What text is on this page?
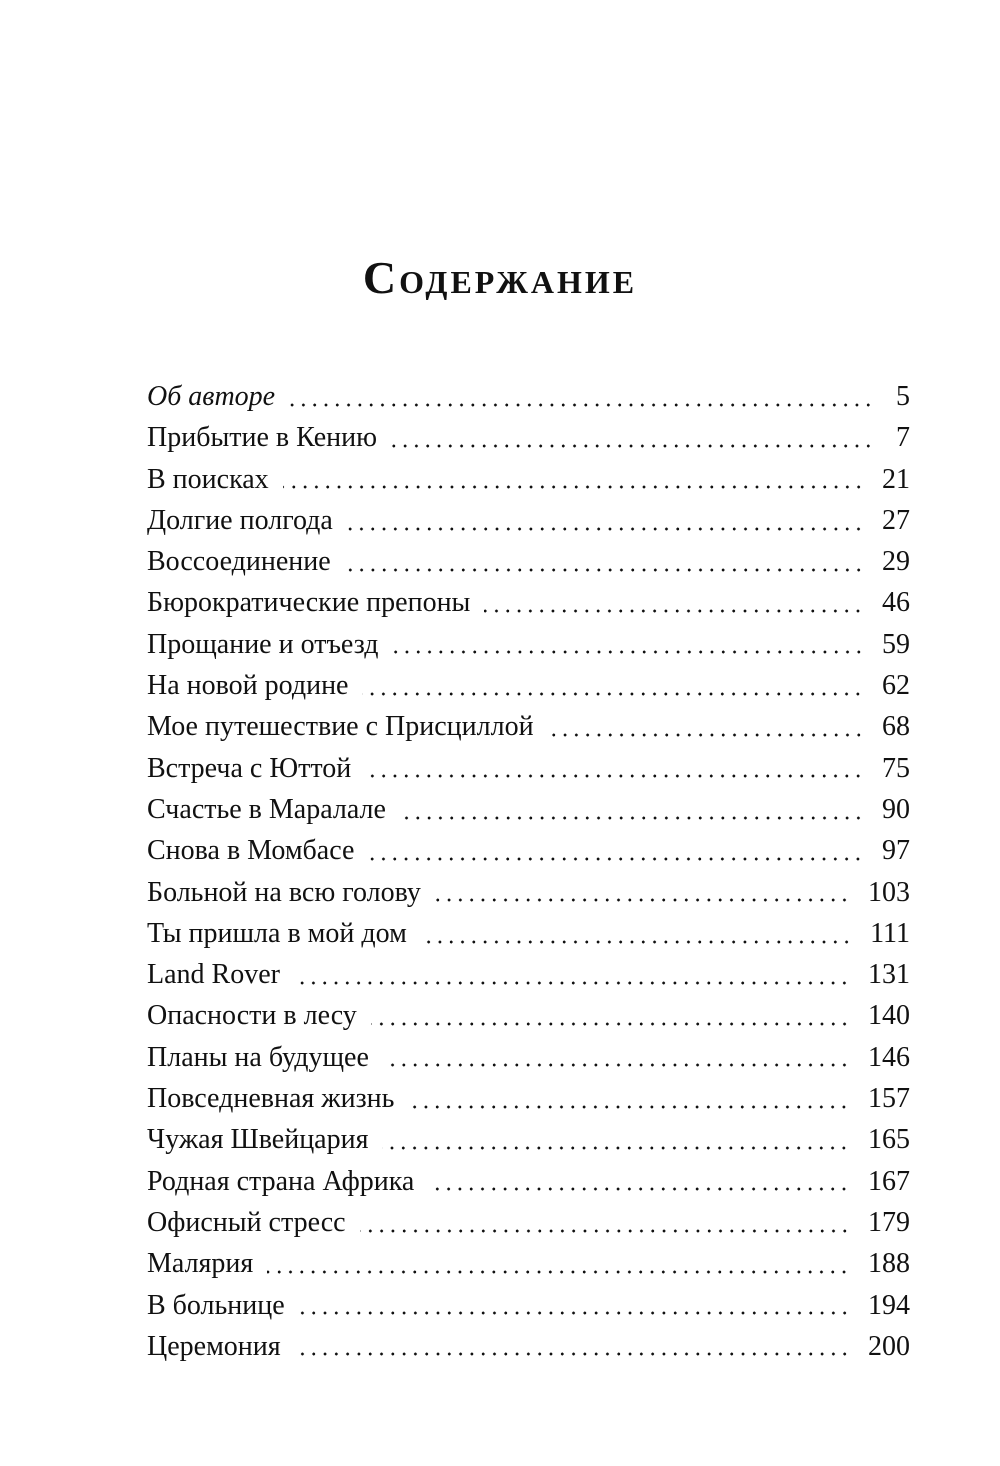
Содержание
Об авторе	5
Прибытие в Кению	7
В поисках	21
Долгие полгода	27
Воссоединение	29
Бюрократические препоны	46
Прощание и отъезд	59
На новой родине	62
Мое путешествие с Присциллой	68
Встреча с Юттой	75
Счастье в Маралале	90
Снова в Момбасе	97
Больной на всю голову	103
Ты пришла в мой дом	111
Land Rover	131
Опасности в лесу	140
Планы на будущее	146
Повседневная жизнь	157
Чужая Швейцария	165
Родная страна Африка	167
Офисный стресс	179
Малярия	188
В больнице	194
Церемония	200
